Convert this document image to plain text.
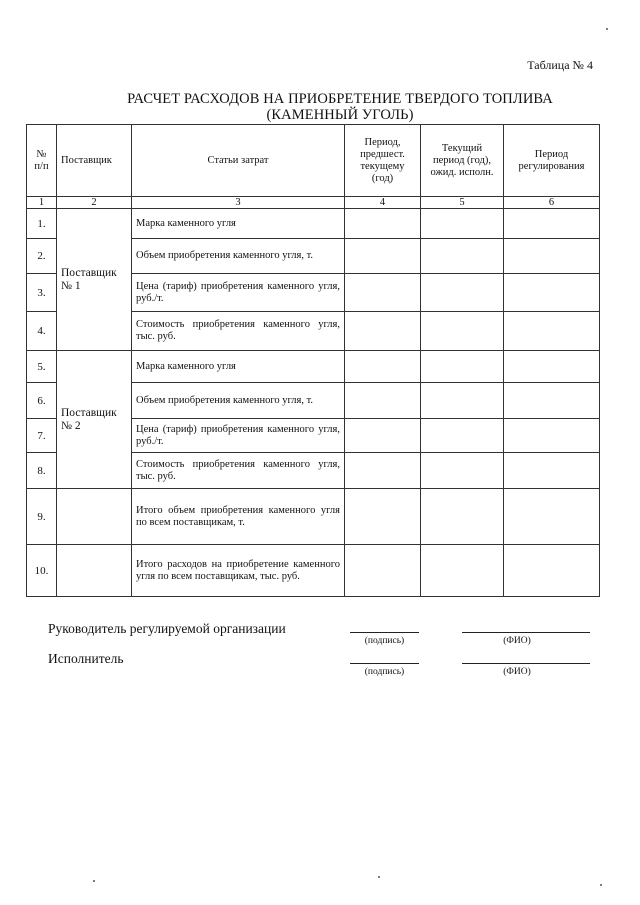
Таблица № 4
РАСЧЕТ РАСХОДОВ НА ПРИОБРЕТЕНИЕ ТВЕРДОГО ТОПЛИВА
(КАМЕННЫЙ УГОЛЬ)
№ п/п	Поставщик	Статьи затрат	Период, предшест. текущему (год)	Текущий период (год), ожид. исполн.	Период регулирования
1	2	3	4	5	6
1.	Поставщик № 1	Марка каменного угля			
2.		Объем приобретения каменного угля, т.			
3.		Цена (тариф) приобретения каменного угля, руб./т.			
4.		Стоимость приобретения каменного угля, тыс. руб.			
5.	Поставщик № 2	Марка каменного угля			
6.		Объем приобретения каменного угля, т.			
7.		Цена (тариф) приобретения каменного угля, руб./т.			
8.		Стоимость приобретения каменного угля, тыс. руб.			
9.		Итого объем приобретения каменного угля по всем поставщикам, т.			
10.		Итого расходов на приобретение каменного угля по всем поставщикам, тыс. руб.			
Руководитель регулируемой организации
(подпись)	(ФИО)
Исполнитель
(подпись)	(ФИО)
